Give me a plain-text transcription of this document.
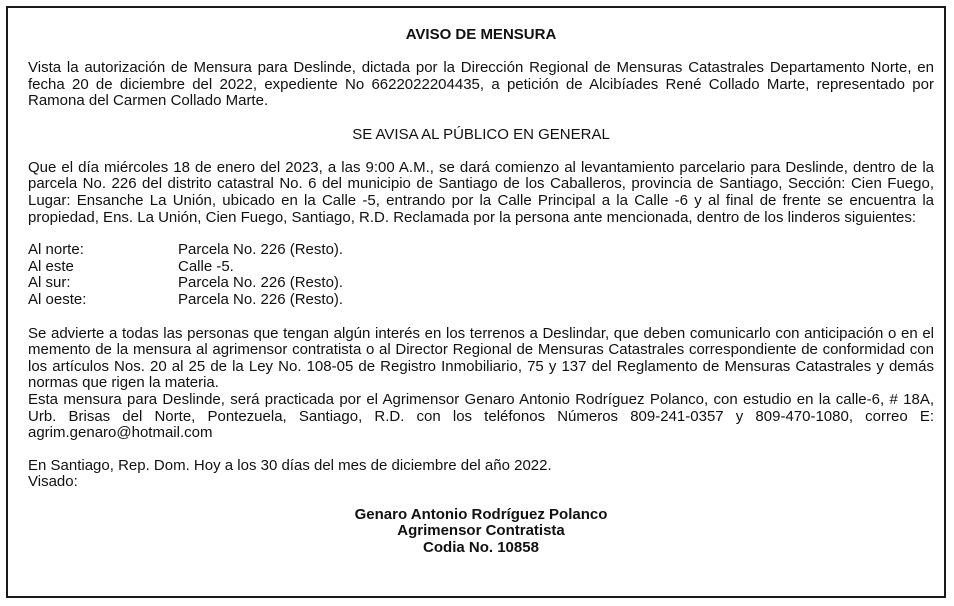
AVISO DE MENSURA

Vista la autorización de Mensura para Deslinde, dictada por la Dirección Regional de Mensuras Catastrales Departamento Norte, en fecha 20 de diciembre del 2022, expediente No 6622022204435, a petición de Alcibíades René Collado Marte, representado por Ramona del Carmen Collado Marte.

SE AVISA AL PÚBLICO EN GENERAL

Que el día miércoles 18 de enero del 2023, a las 9:00 A.M., se dará comienzo al levantamiento parcelario para Deslinde, dentro de la parcela No. 226 del distrito catastral No. 6 del municipio de Santiago de los Caballeros, provincia de Santiago, Sección: Cien Fuego, Lugar: Ensanche La Unión, ubicado en la Calle -5, entrando por la Calle Principal a la Calle -6 y al final de frente se encuentra la propiedad, Ens. La Unión, Cien Fuego, Santiago, R.D. Reclamada por la persona ante mencionada, dentro de los linderos siguientes:

Al norte:	Parcela No. 226 (Resto).
Al este	Calle -5.
Al sur:	Parcela No. 226 (Resto).
Al oeste:	Parcela No. 226 (Resto).

Se advierte a todas las personas que tengan algún interés en los terrenos a Deslindar, que deben comunicarlo con anticipación o en el memento de la mensura al agrimensor contratista o al Director Regional de Mensuras Catastrales correspondiente de conformidad con los artículos Nos. 20 al 25 de la Ley No. 108-05 de Registro Inmobiliario, 75 y 137 del Reglamento de Mensuras Catastrales y demás normas que rigen la materia.

Esta mensura para Deslinde, será practicada por el Agrimensor Genaro Antonio Rodríguez Polanco, con estudio en la calle-6, # 18A, Urb. Brisas del Norte, Pontezuela, Santiago, R.D. con los teléfonos Números 809-241-0357 y 809-470-1080, correo E: agrim.genaro@hotmail.com

En Santiago, Rep. Dom. Hoy a los 30 días del mes de diciembre del año 2022.

Visado:

Genaro Antonio Rodríguez Polanco
Agrimensor Contratista
Codia No. 10858
